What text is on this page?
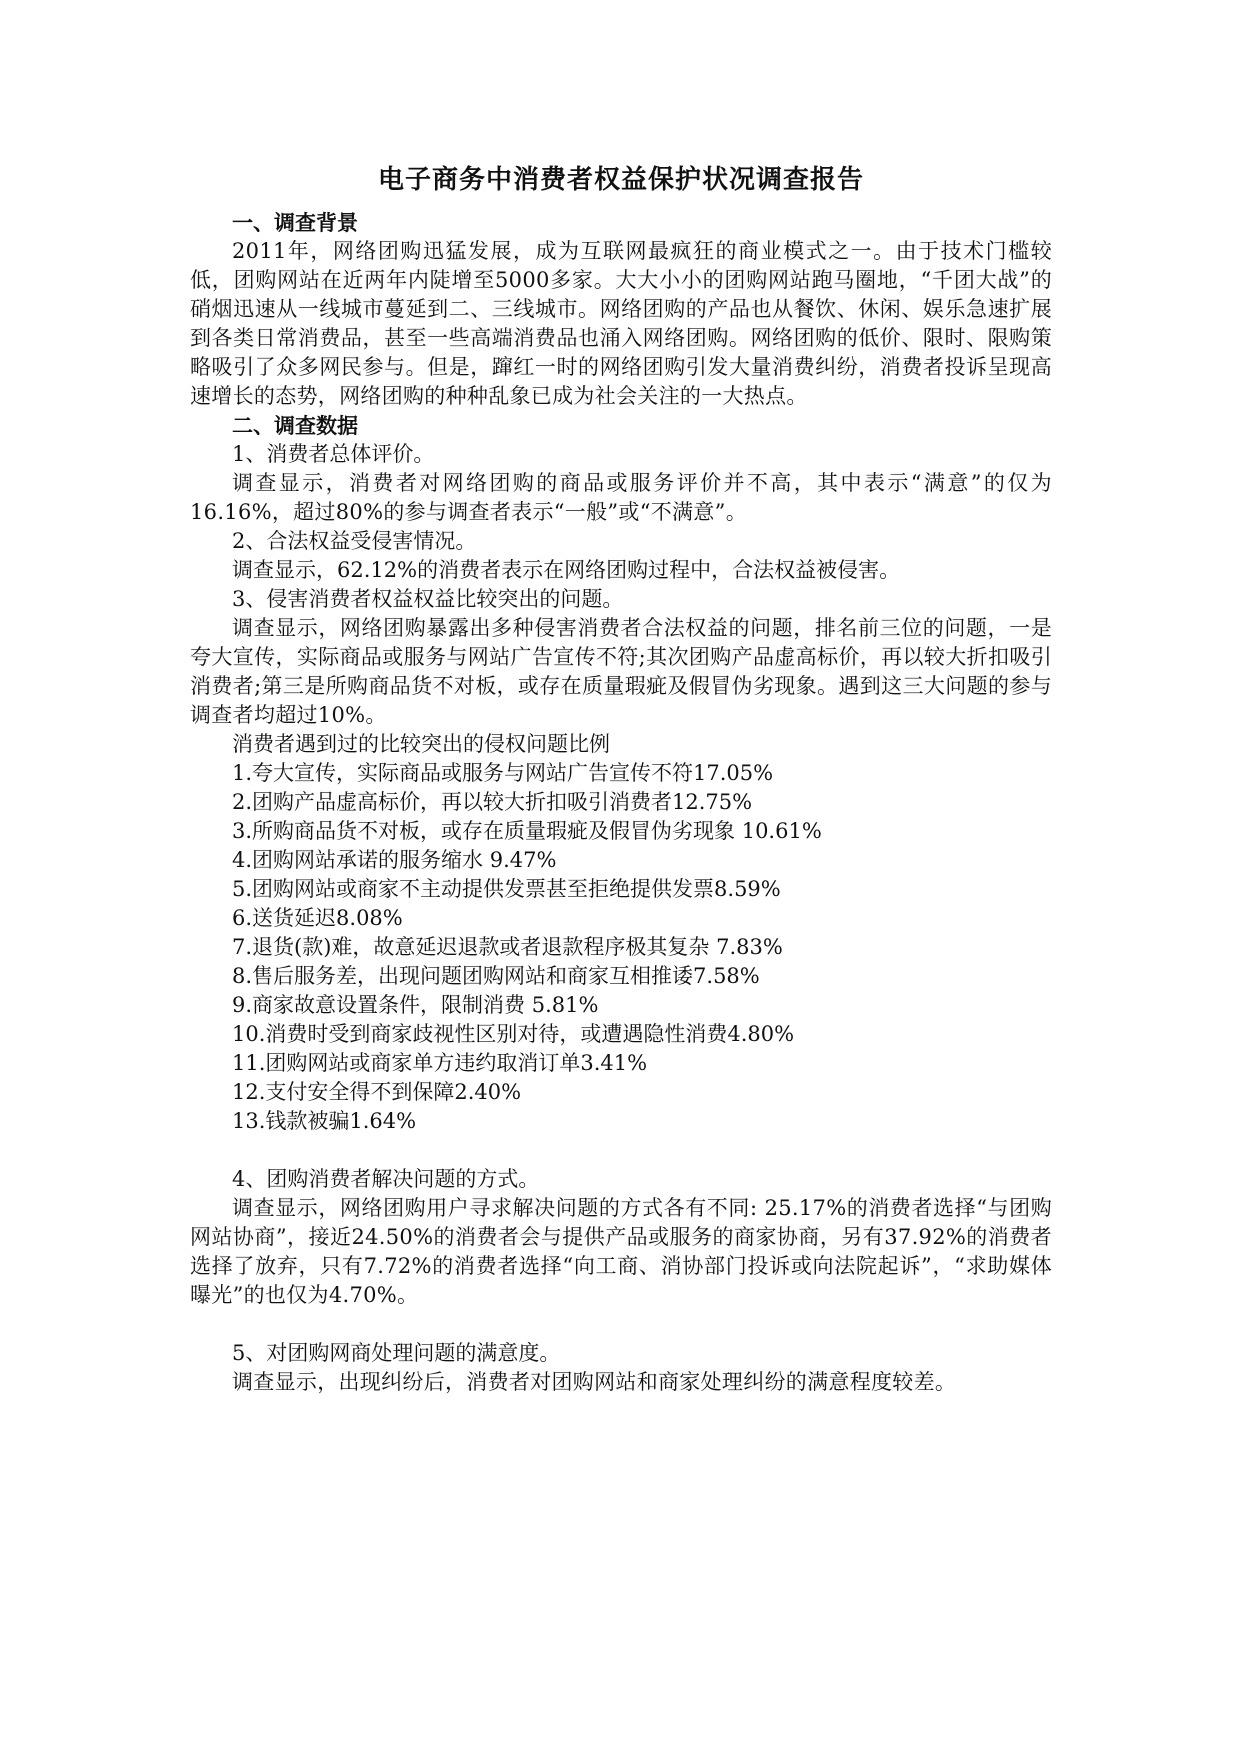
电子商务中消费者权益保护状况调查报告

一、调查背景

2011年，网络团购迅猛发展，成为互联网最疯狂的商业模式之一。由于技术门槛较低，团购网站在近两年内陡增至5000多家。大大小小的团购网站跑马圈地，“千团大战”的硝烟迅速从一线城市蔓延到二、三线城市。网络团购的产品也从餐饮、休闲、娱乐急速扩展到各类日常消费品，甚至一些高端消费品也涌入网络团购。网络团购的低价、限时、限购策略吸引了众多网民参与。但是，蹿红一时的网络团购引发大量消费纠纷，消费者投诉呈现高速增长的态势，网络团购的种种乱象已成为社会关注的一大热点。

二、调查数据

1、消费者总体评价。

调查显示，消费者对网络团购的商品或服务评价并不高，其中表示“满意”的仅为16.16%，超过80%的参与调查者表示“一般”或“不满意”。

2、合法权益受侵害情况。

调查显示，62.12%的消费者表示在网络团购过程中，合法权益被侵害。

3、侵害消费者权益权益比较突出的问题。

调查显示，网络团购暴露出多种侵害消费者合法权益的问题，排名前三位的问题，一是夸大宣传，实际商品或服务与网站广告宣传不符;其次团购产品虚高标价，再以较大折扣吸引消费者;第三是所购商品货不对板，或存在质量瑕疵及假冒伪劣现象。遇到这三大问题的参与调查者均超过10%。

消费者遇到过的比较突出的侵权问题比例

1.夸大宣传，实际商品或服务与网站广告宣传不符17.05%
2.团购产品虚高标价，再以较大折扣吸引消费者12.75%
3.所购商品货不对板，或存在质量瑕疵及假冒伪劣现象 10.61%
4.团购网站承诺的服务缩水 9.47%
5.团购网站或商家不主动提供发票甚至拒绝提供发票8.59%
6.送货延迟8.08%
7.退货(款)难，故意延迟退款或者退款程序极其复杂 7.83%
8.售后服务差，出现问题团购网站和商家互相推诿7.58%
9.商家故意设置条件，限制消费 5.81%
10.消费时受到商家歧视性区别对待，或遭遇隐性消费4.80%
11.团购网站或商家单方违约取消订单3.41%
12.支付安全得不到保障2.40%
13.钱款被骗1.64%

4、团购消费者解决问题的方式。

调查显示，网络团购用户寻求解决问题的方式各有不同: 25.17%的消费者选择“与团购网站协商”，接近24.50%的消费者会与提供产品或服务的商家协商，另有37.92%的消费者选择了放弃，只有7.72%的消费者选择“向工商、消协部门投诉或向法院起诉”，“求助媒体曝光”的也仅为4.70%。

5、对团购网商处理问题的满意度。

调查显示，出现纠纷后，消费者对团购网站和商家处理纠纷的满意程度较差。
